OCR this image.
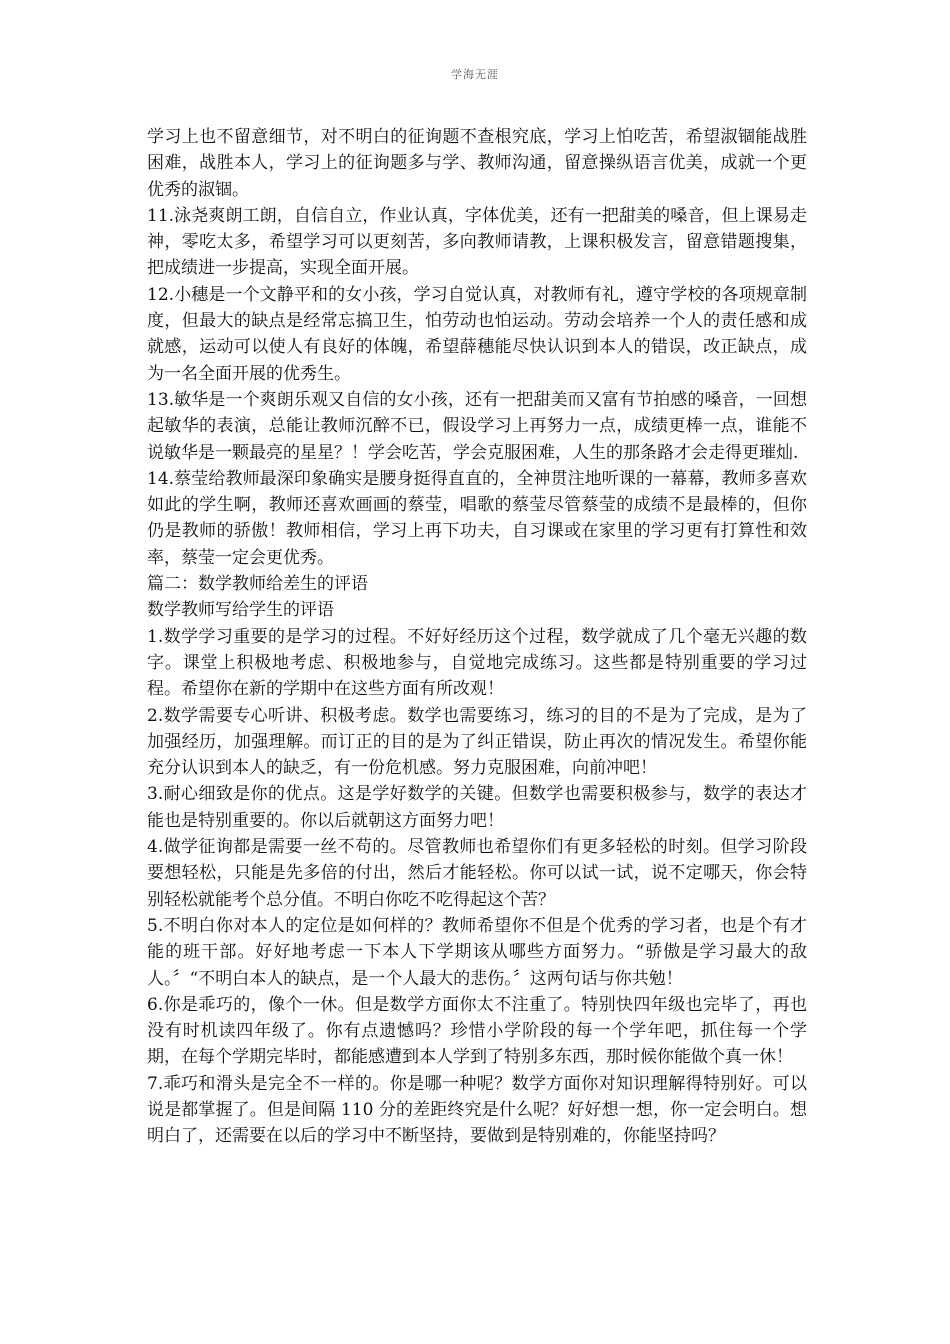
学海无涯

学习上也不留意细节，对不明白的征询题不查根究底，学习上怕吃苦，希望淑锢能战胜困难，战胜本人，学习上的征询题多与学、教师沟通，留意操纵语言优美，成就一个更优秀的淑锢。

11.泳尧爽朗工朗，自信自立，作业认真，字体优美，还有一把甜美的嗓音，但上课易走神，零吃太多，希望学习可以更刻苦，多向教师请教，上课积极发言，留意错题搜集，把成绩进一步提高，实现全面开展。

12.小穗是一个文静平和的女小孩，学习自觉认真，对教师有礼，遵守学校的各项规章制度，但最大的缺点是经常忘搞卫生，怕劳动也怕运动。劳动会培养一个人的责任感和成就感，运动可以使人有良好的体魄，希望薛穗能尽快认识到本人的错误，改正缺点，成为一名全面开展的优秀生。

13.敏华是一个爽朗乐观又自信的女小孩，还有一把甜美而又富有节拍感的嗓音，一回想起敏华的表演，总能让教师沉醉不已，假设学习上再努力一点，成绩更棒一点，谁能不说敏华是一颗最亮的星星？！学会吃苦，学会克服困难，人生的那条路才会走得更璀灿.

14.蔡莹给教师最深印象确实是腰身挺得直直的，全神贯注地听课的一幕幕，教师多喜欢如此的学生啊，教师还喜欢画画的蔡莹，唱歌的蔡莹尽管蔡莹的成绩不是最棒的，但你仍是教师的骄傲！教师相信，学习上再下功夫，自习课或在家里的学习更有打算性和效率，蔡莹一定会更优秀。

篇二：数学教师给差生的评语

数学教师写给学生的评语

1.数学学习重要的是学习的过程。不好好经历这个过程，数学就成了几个毫无兴趣的数字。课堂上积极地考虑、积极地参与，自觉地完成练习。这些都是特别重要的学习过程。希望你在新的学期中在这些方面有所改观！

2.数学需要专心听讲、积极考虑。数学也需要练习，练习的目的不是为了完成，是为了加强经历，加强理解。而订正的目的是为了纠正错误，防止再次的情况发生。希望你能充分认识到本人的缺乏，有一份危机感。努力克服困难，向前冲吧！

3.耐心细致是你的优点。这是学好数学的关键。但数学也需要积极参与，数学的表达才能也是特别重要的。你以后就朝这方面努力吧！

4.做学征询都是需要一丝不苟的。尽管教师也希望你们有更多轻松的时刻。但学习阶段要想轻松，只能是先多倍的付出，然后才能轻松。你可以试一试，说不定哪天，你会特别轻松就能考个总分值。不明白你吃不吃得起这个苦？

5.不明白你对本人的定位是如何样的？教师希望你不但是个优秀的学习者，也是个有才能的班干部。好好地考虑一下本人下学期该从哪些方面努力。“骄傲是学习最大的敌人。〞“不明白本人的缺点，是一个人最大的悲伤。〞这两句话与你共勉！

6.你是乖巧的，像个一休。但是数学方面你太不注重了。特别快四年级也完毕了，再也没有时机读四年级了。你有点遗憾吗？珍惜小学阶段的每一个学年吧，抓住每一个学期，在每个学期完毕时，都能感遭到本人学到了特别多东西，那时候你能做个真一休！

7.乖巧和滑头是完全不一样的。你是哪一种呢？数学方面你对知识理解得特别好。可以说是都掌握了。但是间隔 110 分的差距终究是什么呢？好好想一想，你一定会明白。想明白了，还需要在以后的学习中不断坚持，要做到是特别难的，你能坚持吗？
